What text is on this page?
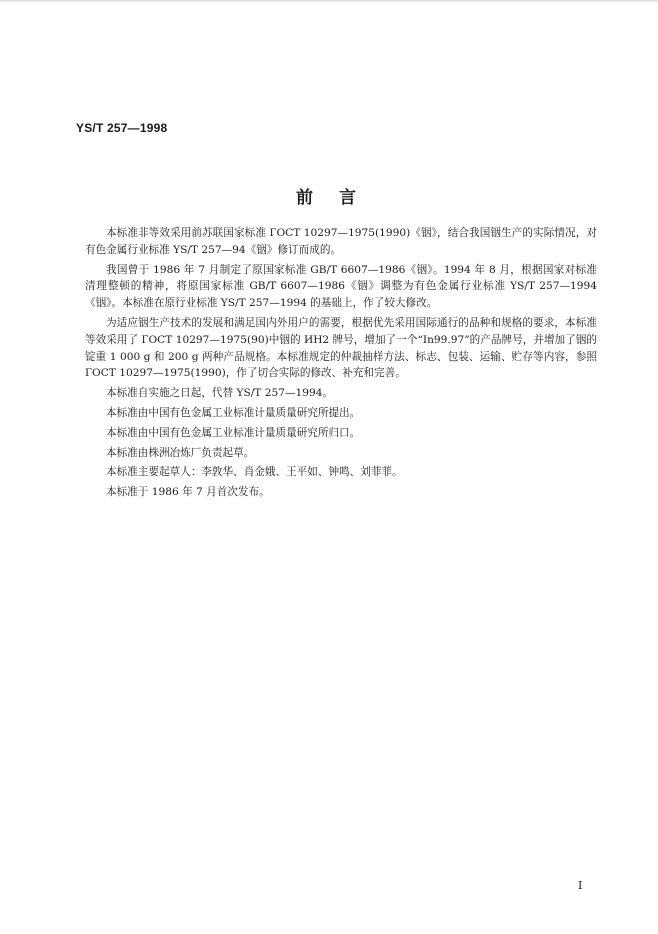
YS/T 257—1998
前言

本标准非等效采用前苏联国家标准 ГОСТ 10297—1975(1990)《铟》，结合我国铟生产的实际情况，对有色金属行业标准 YS/T 257—94《铟》修订而成的。

我国曾于 1986 年 7 月制定了原国家标准 GB/T 6607—1986《铟》。1994 年 8 月，根据国家对标准清理整顿的精神，将原国家标准 GB/T 6607—1986《铟》调整为有色金属行业标准 YS/T 257—1994《铟》。本标准在原行业标准 YS/T 257—1994 的基础上，作了较大修改。

为适应铟生产技术的发展和满足国内外用户的需要，根据优先采用国际通行的品种和规格的要求，本标准等效采用了 ГОСТ 10297—1975(90)中铟的 ИН2 牌号，增加了一个“In99.97”的产品牌号，并增加了铟的锭重 1 000 g 和 200 g 两种产品规格。本标准规定的仲裁抽样方法、标志、包装、运输、贮存等内容，参照 ГОСТ 10297—1975(1990)，作了切合实际的修改、补充和完善。

本标准自实施之日起，代替 YS/T 257—1994。

本标准由中国有色金属工业标准计量质量研究所提出。

本标准由中国有色金属工业标准计量质量研究所归口。

本标准由株洲冶炼厂负责起草。

本标准主要起草人：李敦华、肖金娥、王平如、钟鸣、刘菲菲。

本标准于 1986 年 7 月首次发布。

I
